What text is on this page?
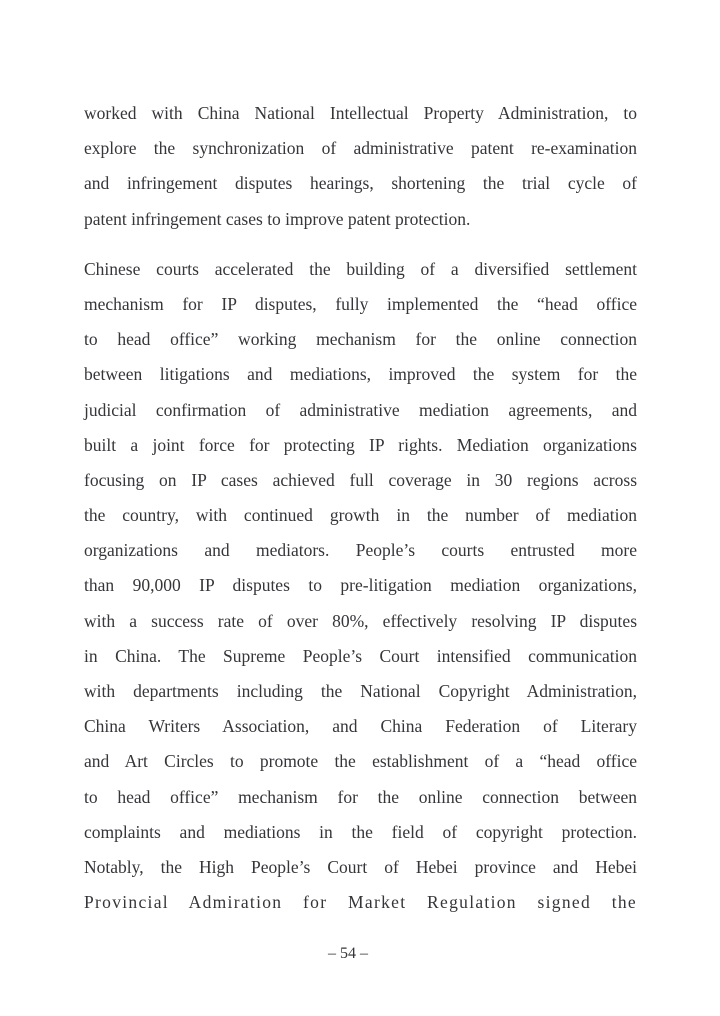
worked with China National Intellectual Property Administration, to
explore the synchronization of administrative patent re-examination
and infringement disputes hearings, shortening the trial cycle of
patent infringement cases to improve patent protection.
Chinese courts accelerated the building of a diversified settlement
mechanism for IP disputes, fully implemented the “head office
to head office” working mechanism for the online connection
between litigations and mediations, improved the system for the
judicial confirmation of administrative mediation agreements, and
built a joint force for protecting IP rights. Mediation organizations
focusing on IP cases achieved full coverage in 30 regions across
the country, with continued growth in the number of mediation
organizations and mediators. People’s courts entrusted more
than 90,000 IP disputes to pre-litigation mediation organizations,
with a success rate of over 80%, effectively resolving IP disputes
in China. The Supreme People’s Court intensified communication
with departments including the National Copyright Administration,
China Writers Association, and China Federation of Literary
and Art Circles to promote the establishment of a “head office
to head office” mechanism for the online connection between
complaints and mediations in the field of copyright protection.
Notably, the High People’s Court of Hebei province and Hebei
Provincial Admiration for Market Regulation signed the
– 54 –
